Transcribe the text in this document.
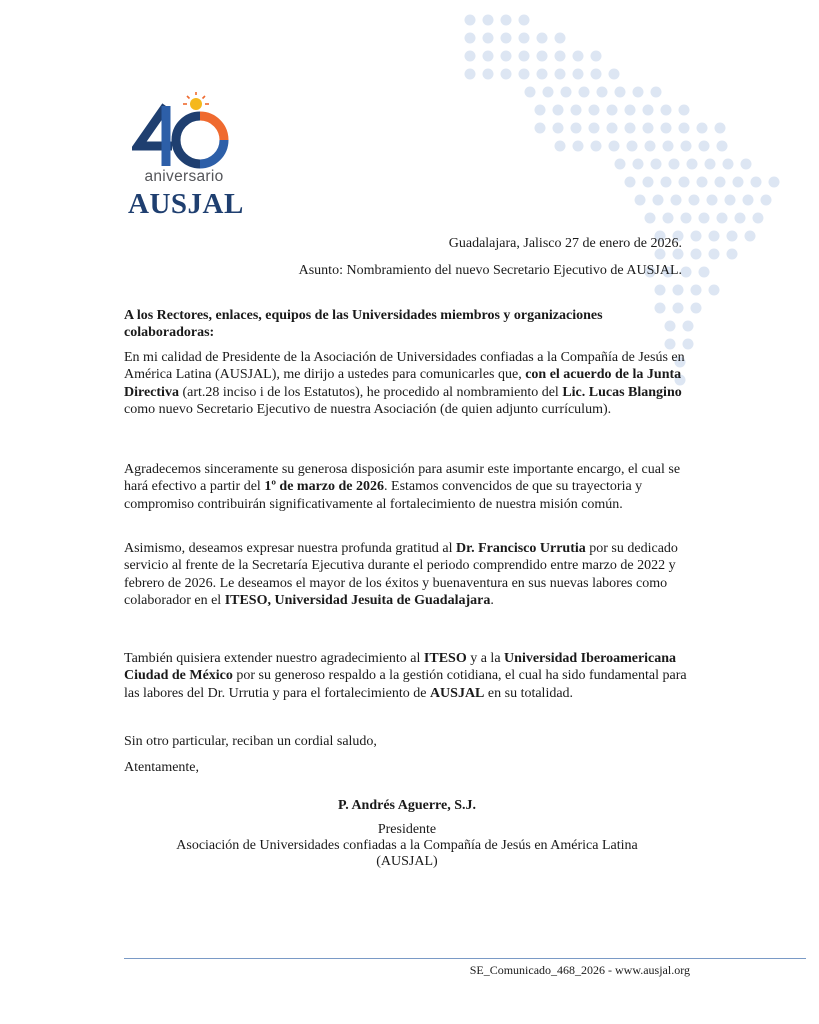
40
aniversario
AUSJAL
Guadalajara, Jalisco 27 de enero de 2026.
Asunto: Nombramiento del nuevo Secretario Ejecutivo de AUSJAL.

A los Rectores, enlaces, equipos de las Universidades miembros y organizaciones colaboradoras:

En mi calidad de Presidente de la Asociación de Universidades confiadas a la Compañía de Jesús en América Latina (AUSJAL), me dirijo a ustedes para comunicarles que, con el acuerdo de la Junta Directiva (art.28 inciso i de los Estatutos), he procedido al nombramiento del Lic. Lucas Blangino como nuevo Secretario Ejecutivo de nuestra Asociación (de quien adjunto currículum).

Agradecemos sinceramente su generosa disposición para asumir este importante encargo, el cual se hará efectivo a partir del 1º de marzo de 2026. Estamos convencidos de que su trayectoria y compromiso contribuirán significativamente al fortalecimiento de nuestra misión común.

Asimismo, deseamos expresar nuestra profunda gratitud al Dr. Francisco Urrutia por su dedicado servicio al frente de la Secretaría Ejecutiva durante el periodo comprendido entre marzo de 2022 y febrero de 2026. Le deseamos el mayor de los éxitos y buenaventura en sus nuevas labores como colaborador en el ITESO, Universidad Jesuita de Guadalajara.

También quisiera extender nuestro agradecimiento al ITESO y a la Universidad Iberoamericana Ciudad de México por su generoso respaldo a la gestión cotidiana, el cual ha sido fundamental para las labores del Dr. Urrutia y para el fortalecimiento de AUSJAL en su totalidad.

Sin otro particular, reciban un cordial saludo,

Atentamente,

P. Andrés Aguerre, S.J.
Presidente
Asociación de Universidades confiadas a la Compañía de Jesús en América Latina
(AUSJAL)
SE_Comunicado_468_2026 - www.ausjal.org
